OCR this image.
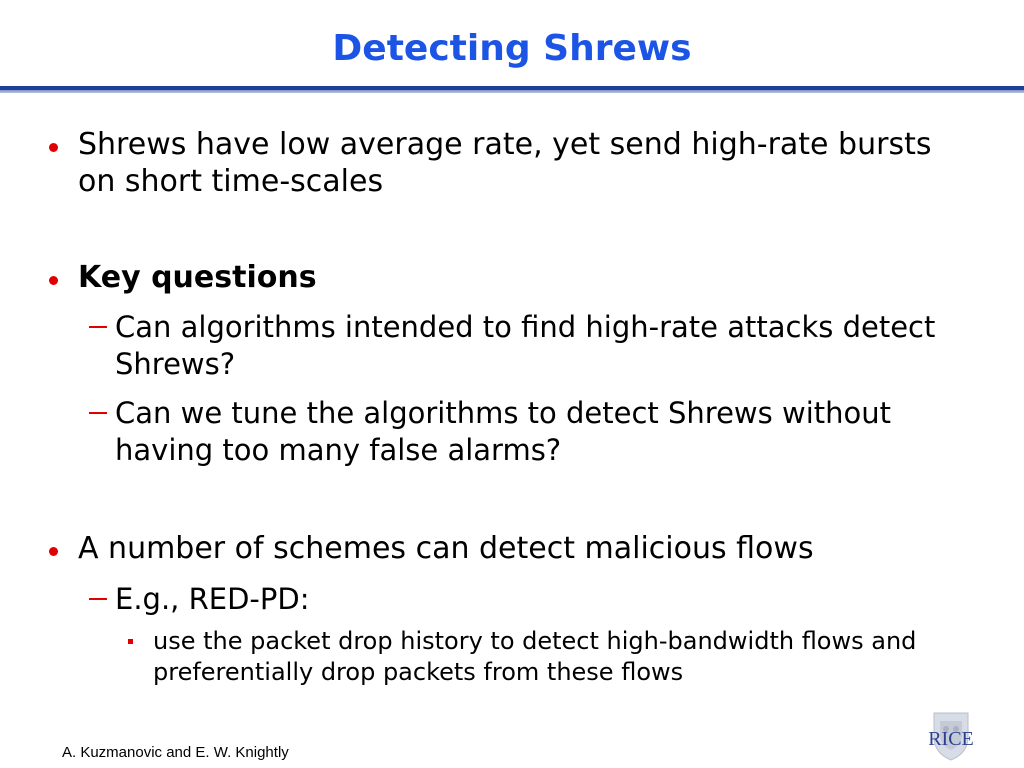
Detecting Shrews
Shrews have low average rate, yet send high-rate bursts on short time-scales
Key questions
Can algorithms intended to find high-rate attacks detect Shrews?
Can we tune the algorithms to detect Shrews without having too many false alarms?
A number of schemes can detect malicious flows
E.g., RED-PD:
use the packet drop history to detect high-bandwidth flows and preferentially drop packets from these flows
A. Kuzmanovic and E. W. Knightly
RICE
